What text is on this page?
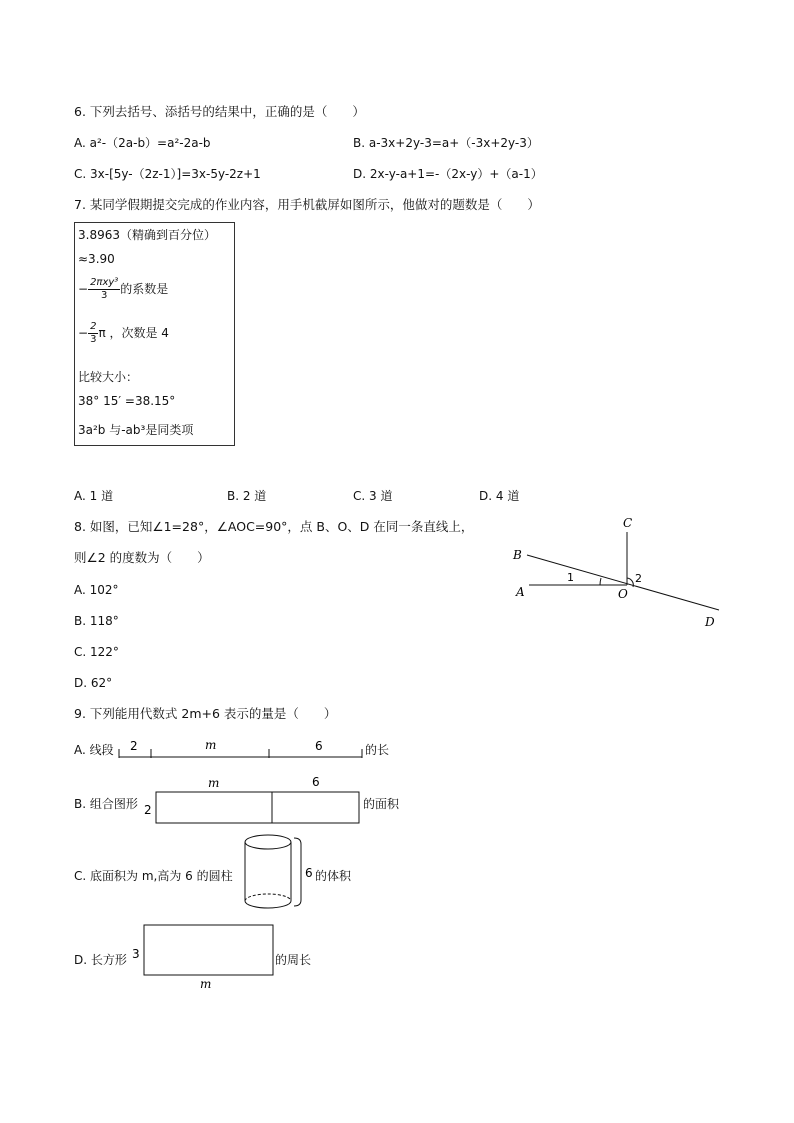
6. 下列去括号、添括号的结果中，正确的是（　　）
A. a²-（2a-b）=a²-2a-b	B. a-3x+2y-3=a+（-3x+2y-3）
C. 3x-[5y-（2z-1）]=3x-5y-2z+1	D. 2x-y-a+1=-（2x-y）+（a-1）
7. 某同学假期提交完成的作业内容，用手机截屏如图所示，他做对的题数是（　　）
3.8963（精确到百分位）
≈3.90
− $\frac{\text{2πxy³}}{3}$ 的系数是
− $\frac{2}{3}$ π ，次数是 4
比较大小：
38° 15′ =38.15°
3a²b 与-ab³是同类项
A. 1 道	B. 2 道	C. 3 道	D. 4 道
8. 如图，已知∠1=28°，∠AOC=90°，点 B、O、D 在同一条直线上，
则∠2 的度数为（　　）
A. 102°
B. 118°
C. 122°
D. 62°
C
B
A	O
D
1	2
9. 下列能用代数式 2m+6 表示的量是（　　）
A. 线段 2	m	6	的长
B. 组合图形
m	6
2	的面积
C. 底面积为 m,高为 6 的圆柱	6 的体积
D. 长方形 3
m
的周长
